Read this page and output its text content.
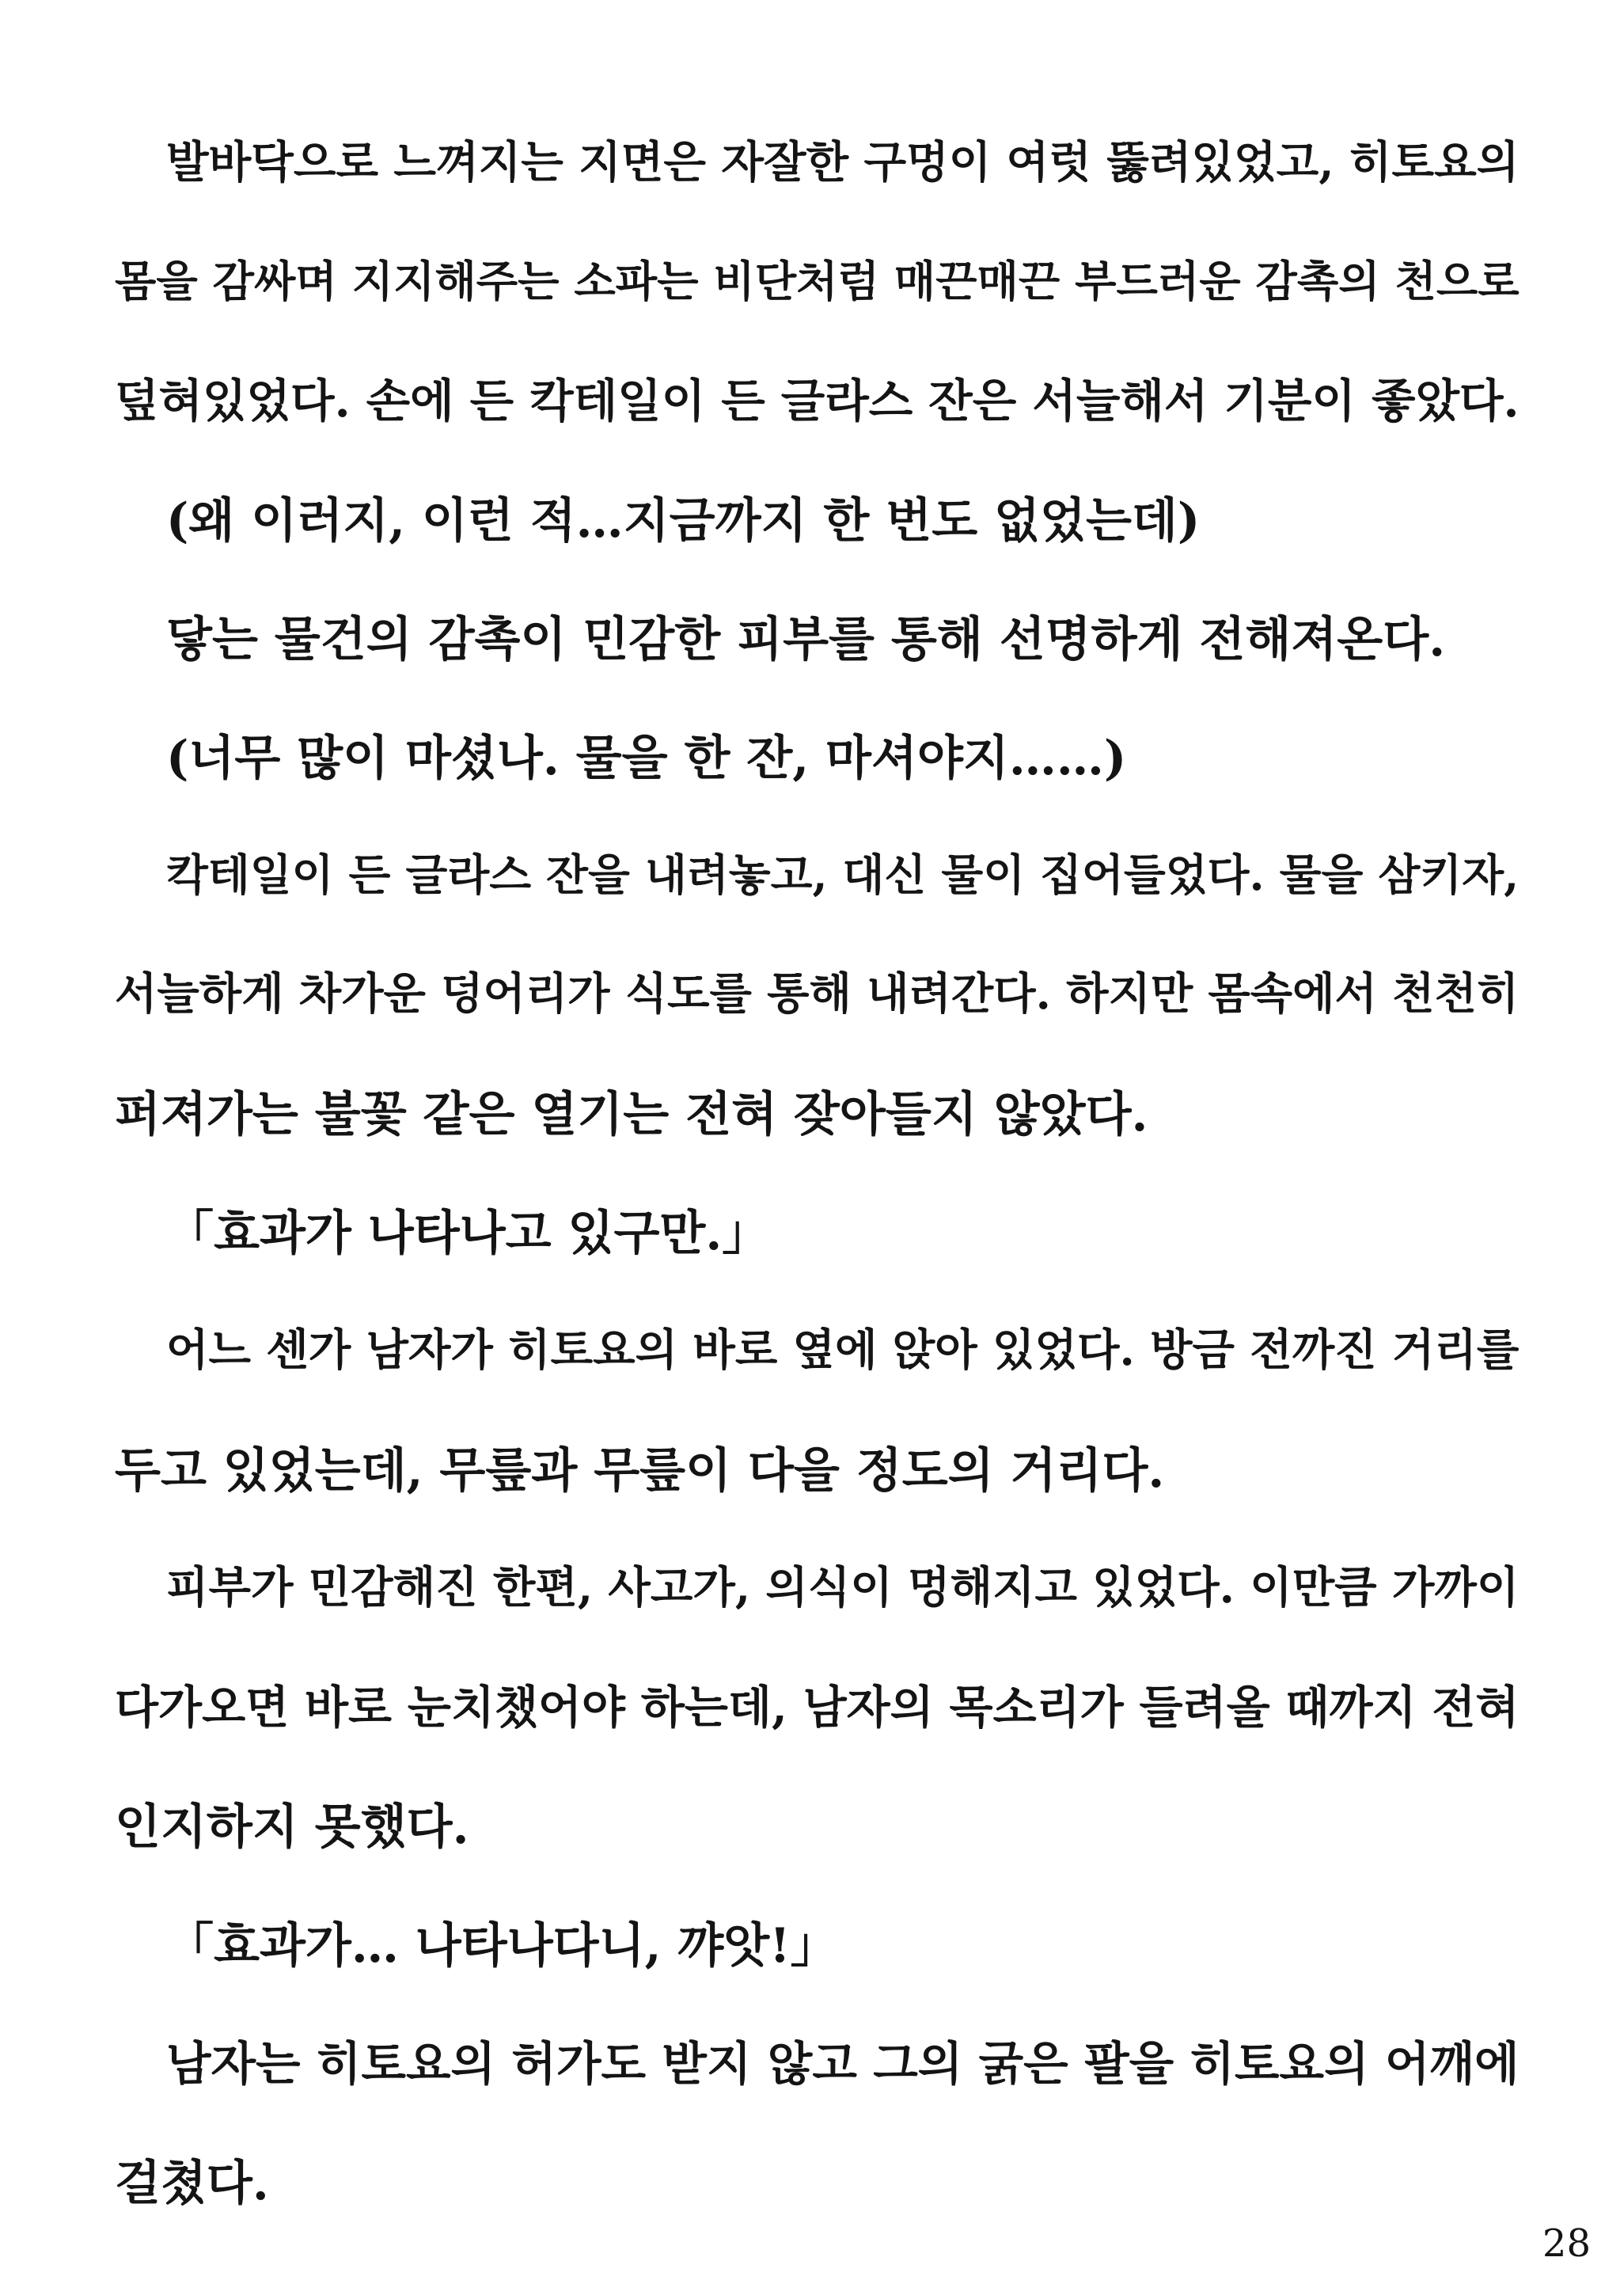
발바닥으로 느껴지는 지면은 자잘한 구멍이 여럿 뚫려있었고, 히토요의
몸을 감싸며 지지해주는 소파는 비단처럼 매끈매끈 부드러운 감촉의 천으로
덮혀있었다. 손에 든 칵테일이 든 글라스 잔은 서늘해서 기분이 좋았다.
(왜 이러지, 이런 적…지금까지 한 번도 없었는데)
닿는 물건의 감촉이 민감한 피부를 통해 선명하게 전해져온다.
(너무 많이 마셨나. 물을 한 잔, 마셔야지……)
칵테일이 든 글라스 잔을 내려놓고, 대신 물이 집어들었다. 물을 삼키자,
서늘하게 차가운 덩어리가 식도를 통해 내려간다. 하지만 몸속에서 천천히
퍼져가는 불꽃 같은 열기는 전혀 잦아들지 않았다.
「효과가 나타나고 있구만.」
어느 센가 남자가 히토요의 바로 옆에 앉아 있었다. 방금 전까진 거리를
두고 있었는데, 무릎과 무릎이 다을 정도의 거리다.
피부가 민감해진 한편, 사고가, 의식이 멍해지고 있었다. 이만큼 가까이
다가오면 바로 눈치챘어야 하는데, 남자의 목소리가 들려올 때까지 전혀
인지하지 못했다.
「효과가… 나타나다니, 꺄앗!」
남자는 히토요의 허가도 받지 않고 그의 굵은 팔을 히토요의 어깨에
걸쳤다.
28
